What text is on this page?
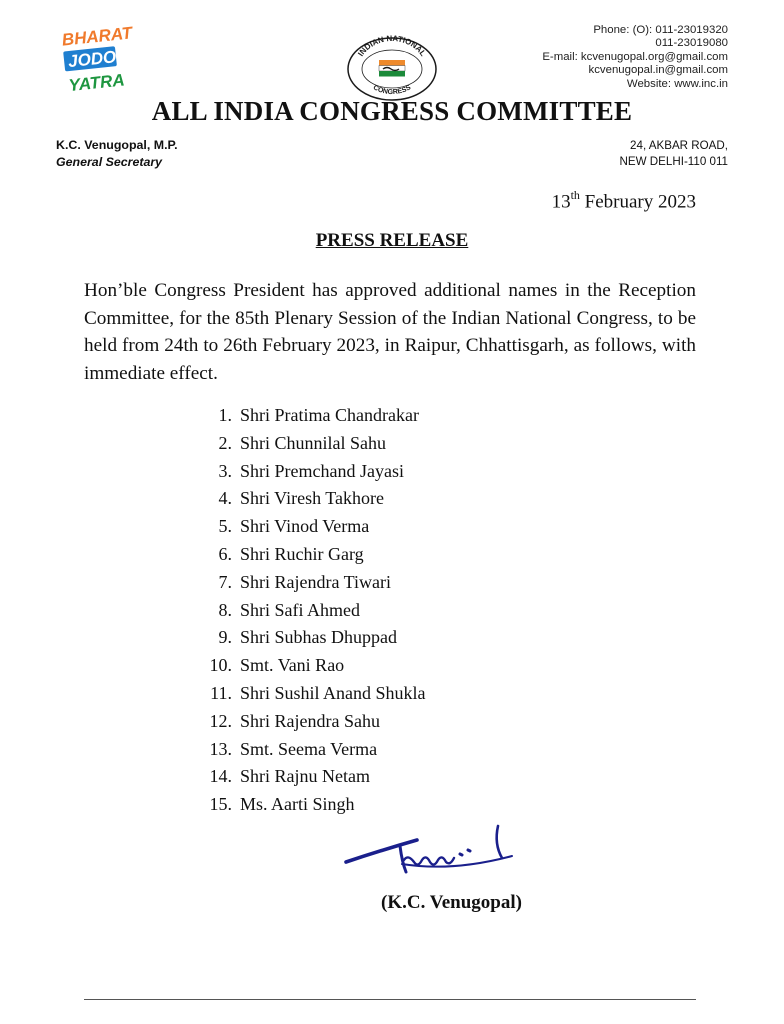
BHARAT
JODO
YATRA
INDIAN NATIONAL
CONGRESS
Phone: (O): 011-23019320
011-23019080
E-mail: kcvenugopal.org@gmail.com
kcvenugopal.in@gmail.com
Website: www.inc.in
ALL INDIA CONGRESS COMMITTEE
K.C. Venugopal, M.P.
General Secretary
24, AKBAR ROAD,
NEW DELHI-110 011
13th February 2023
PRESS RELEASE
Hon’ble Congress President has approved additional names in the Reception Committee, for the 85th Plenary Session of the Indian National Congress, to be held from 24th to 26th February 2023, in Raipur, Chhattisgarh, as follows, with immediate effect.
1. Shri Pratima Chandrakar
2. Shri Chunnilal Sahu
3. Shri Premchand Jayasi
4. Shri Viresh Takhore
5. Shri Vinod Verma
6. Shri Ruchir Garg
7. Shri Rajendra Tiwari
8. Shri Safi Ahmed
9. Shri Subhas Dhuppad
10. Smt. Vani Rao
11. Shri Sushil Anand Shukla
12. Shri Rajendra Sahu
13. Smt. Seema Verma
14. Shri Rajnu Netam
15. Ms. Aarti Singh
(K.C. Venugopal)
